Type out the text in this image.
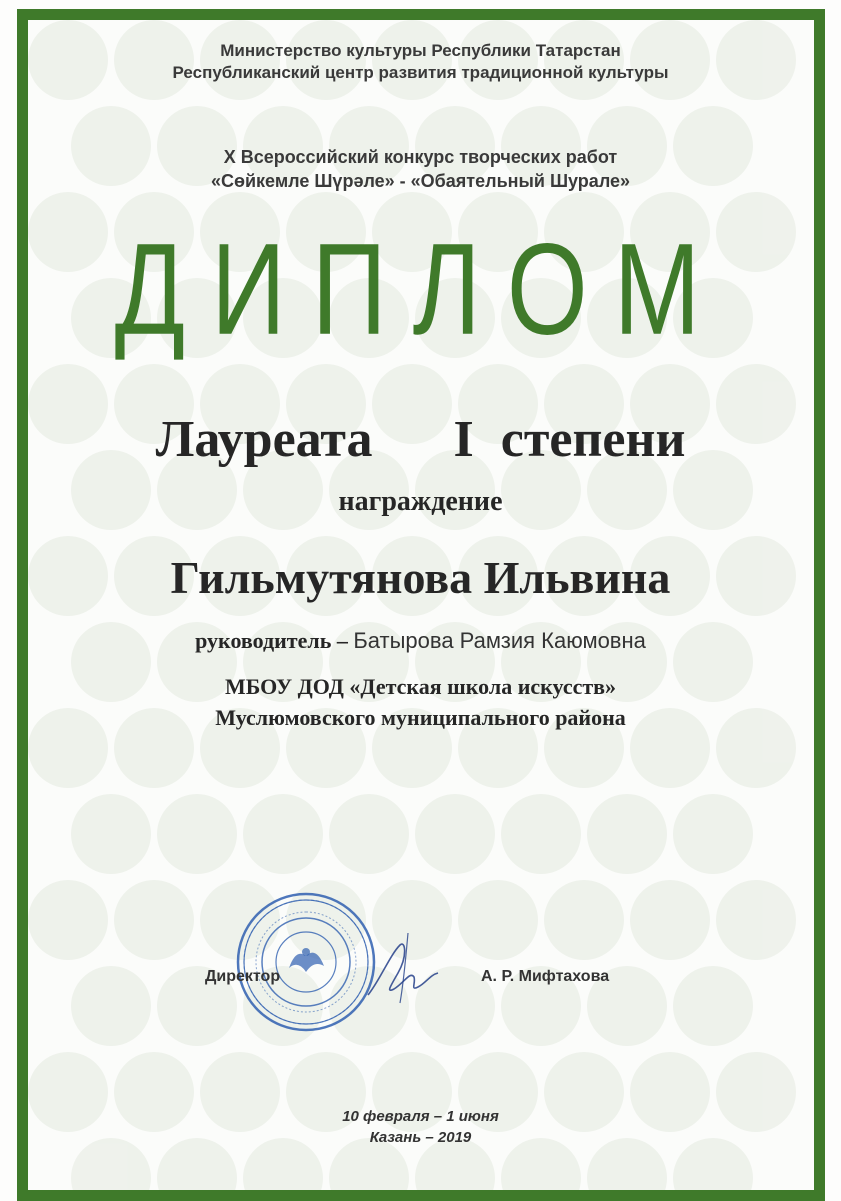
Министерство культуры Республики Татарстан
Республиканский центр развития традиционной культуры
X Всероссийский конкурс творческих работ
«Сөйкемле Шүрәле» - «Обаятельный Шурале»
ДИПЛОМ
Лауреата   I степени
награждение
Гильмутянова Ильвина
руководитель – Батырова Рамзия Каюмовна
МБОУ ДОД «Детская школа искусств»
Муслюмовского муниципального района
Директор	А. Р. Мифтахова
10 февраля – 1 июня
Казань – 2019
